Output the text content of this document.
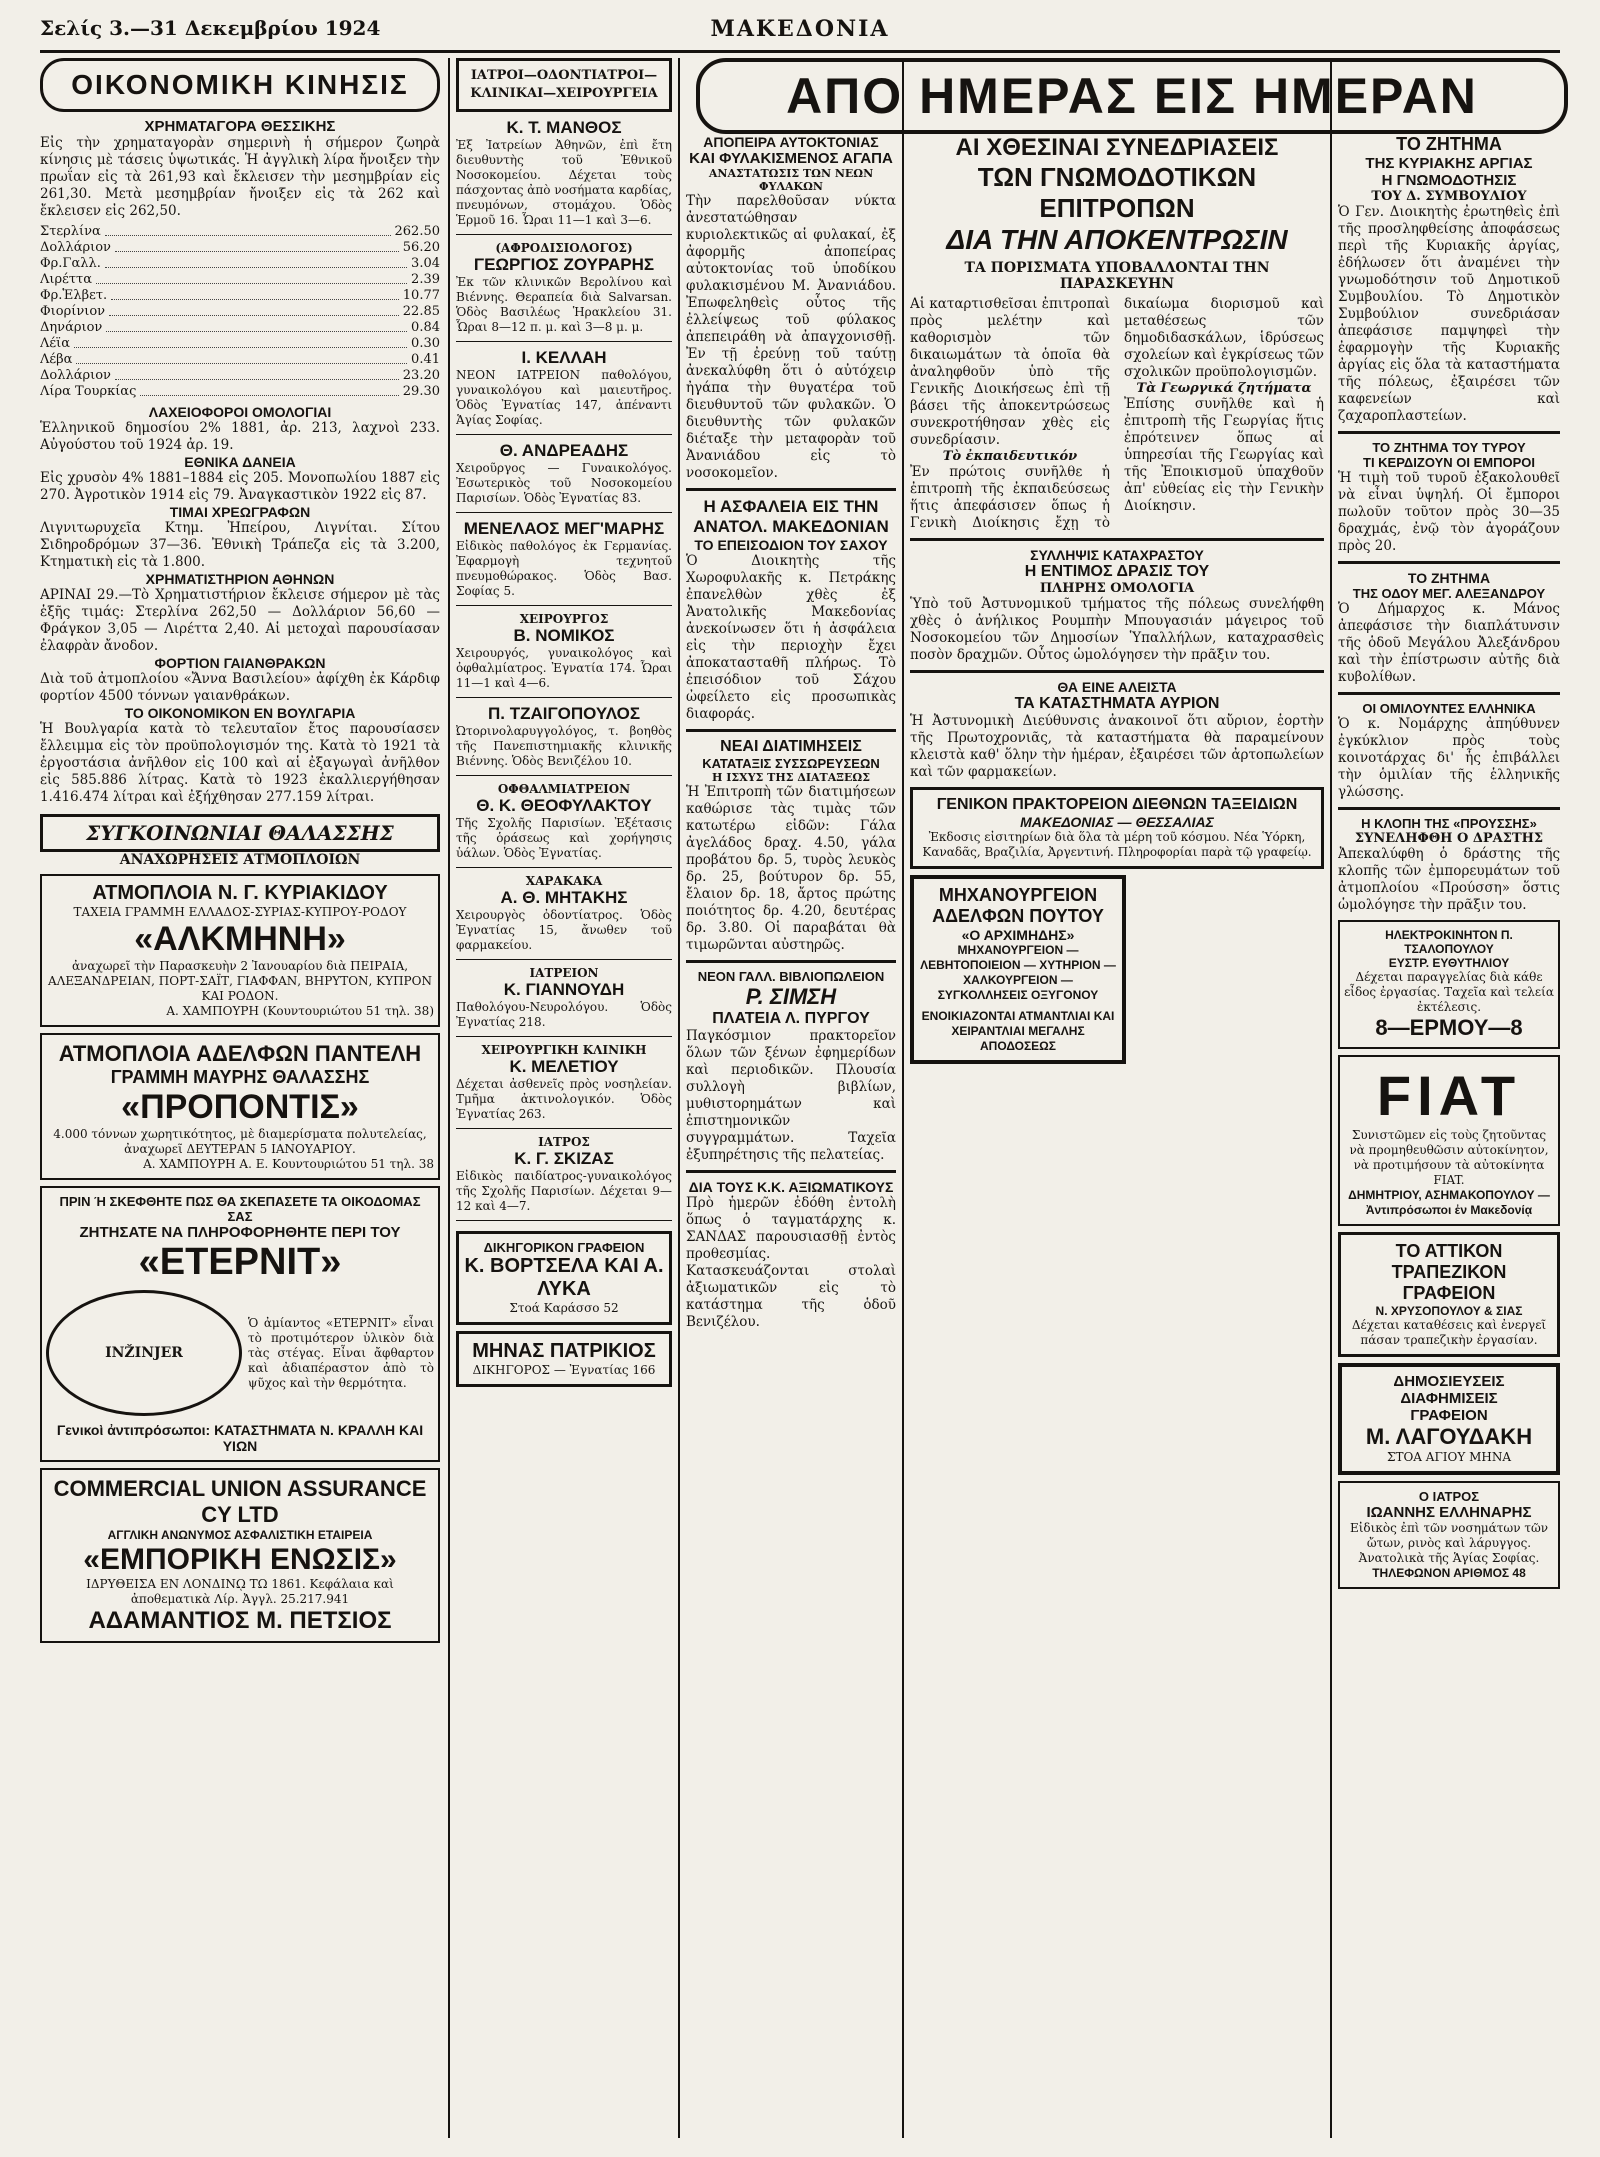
ΜΑΚΕΔΟΝΙΑ
Σελίς 3.—31 Δεκεμβρίου 1924
ΟΙΚΟΝΟΜΙΚΗ ΚΙΝΗΣΙΣ
ΧΡΗΜΑΤΑΓΟΡΑ ΘΕΣΣΙΚΗΣ
Εἰς τὴν χρηματαγορὰν σημερινὴ ἡ σήμερον ζωηρὰ κίνησις μὲ τάσεις ὑψωτικάς. Ἡ ἀγγλικὴ λίρα ἤνοιξεν τὴν πρωΐαν εἰς τὰ 261,93 καὶ ἔκλεισεν τὴν μεσημβρίαν εἰς 261,30. Μετὰ μεσημβρίαν ἤνοιξεν εἰς τὰ 262 καὶ ἔκλεισεν εἰς 262,50.
Στερλίνα	262.50
Δολλάριον	56.20
Φρ.Γαλλ.	3.04
Λιρέττα	2.39
Φρ.Ἑλβετ.	10.77
Φιορίνιον	22.85
Δηνάριον	0.84
Λέϊα	0.30
Λέβα	0.41
Δολλάριον	23.20
Λίρα Τουρκίας	29.30
ΛΑΧΕΙΟΦΟΡΟΙ ΟΜΟΛΟΓΙΑΙ
Ἑλληνικοῦ δημοσίου 2% 1881, ἀρ. 213, λαχνοὶ 233. Αὐγούστου τοῦ 1924 ἀρ. 19.
ΕΘΝΙΚΑ ΔΑΝΕΙΑ
Εἰς χρυσὸν 4% 1881–1884 εἰς 205. Μονοπωλίου 1887 εἰς 270. Ἀγροτικὸν 1914 εἰς 79. Ἀναγκαστικὸν 1922 εἰς 87.
ΤΙΜΑΙ ΧΡΕΩΓΡΑΦΩΝ
Λιγνιτωρυχεῖα Κτημ. Ἠπείρου, Λιγνίται. Σίτου Σιδηροδρόμων 37—36. Ἐθνικὴ Τράπεζα εἰς τὰ 3.200, Κτηματικὴ εἰς τὰ 1.800.
ΧΡΗΜΑΤΙΣΤΗΡΙΟΝ ΑΘΗΝΩΝ
ΑΡΙΝΑΙ 29.—Τὸ Χρηματιστήριον ἔκλεισε σήμερον μὲ τὰς ἑξῆς τιμάς: Στερλίνα 262,50 — Δολλάριον 56,60 — Φράγκον 3,05 — Λιρέττα 2,40. Αἱ μετοχαὶ παρουσίασαν ἐλαφρὰν ἄνοδον.
ΦΟΡΤΙΟΝ ΓΑΙΑΝΘΡΑΚΩΝ
Διὰ τοῦ ἀτμοπλοίου «Ἄννα Βασιλείου» ἀφίχθη ἐκ Κάρδιφ φορτίον 4500 τόννων γαιανθράκων.
ΤΟ ΟΙΚΟΝΟΜΙΚΟΝ ΕΝ ΒΟΥΛΓΑΡΙΑ
Ἡ Βουλγαρία κατὰ τὸ τελευταῖον ἔτος παρουσίασεν ἔλλειμμα εἰς τὸν προϋπολογισμόν της. Κατὰ τὸ 1921 τὰ ἐργοστάσια ἀνῆλθον εἰς 100 καὶ αἱ ἐξαγωγαὶ ἀνῆλθον εἰς 585.886 λίτρας. Κατὰ τὸ 1923 ἐκαλλιεργήθησαν 1.416.474 λίτραι καὶ ἐξήχθησαν 277.159 λίτραι.
ΣΥΓΚΟΙΝΩΝΙΑΙ ΘΑΛΑΣΣΗΣ
ΑΝΑΧΩΡΗΣΕΙΣ ΑΤΜΟΠΛΟΙΩΝ
ΑΤΜΟΠΛΟΙΑ Ν. Γ. ΚΥΡΙΑΚΙΔΟΥ
ΤΑΧΕΙΑ ΓΡΑΜΜΗ ΕΛΛΑΔΟΣ-ΣΥΡΙΑΣ-ΚΥΠΡΟΥ-ΡΟΔΟΥ
«ΑΛΚΜΗΝΗ»
ἀναχωρεῖ τὴν Παρασκευὴν 2 Ἰανουαρίου διὰ ΠΕΙΡΑΙΑ, ΑΛΕΞΑΝΔΡΕΙΑΝ, ΠΟΡΤ-ΣΑΪΤ, ΓΙΑΦΦΑΝ, ΒΗΡΥΤΟΝ, ΚΥΠΡΟΝ ΚΑΙ ΡΟΔΟΝ.
Α. ΧΑΜΠΟΥΡΗ (Κουντουριώτου 51 τηλ. 38)
ΑΤΜΟΠΛΟΙΑ ΑΔΕΛΦΩΝ ΠΑΝΤΕΛΗ
ΓΡΑΜΜΗ ΜΑΥΡΗΣ ΘΑΛΑΣΣΗΣ
«ΠΡΟΠΟΝΤΙΣ»
4.000 τόννων χωρητικότητος, μὲ διαμερίσματα πολυτελείας, ἀναχωρεῖ ΔΕΥΤΕΡΑΝ 5 ΙΑΝΟΥΑΡΙΟΥ.
Α. ΧΑΜΠΟΥΡΗ Α. Ε. Κουντουριώτου 51 τηλ. 38
ΠΡΙΝ Ή ΣΚΕΦΘΗΤΕ ΠΩΣ ΘΑ ΣΚΕΠΑΣΕΤΕ ΤΑ ΟΙΚΟΔΟΜΑΣ ΣΑΣ
ΖΗΤΗΣΑΤΕ ΝΑ ΠΛΗΡΟΦΟΡΗΘΗΤΕ ΠΕΡΙ ΤΟΥ
«ΕΤΕΡΝΙΤ»
INŽINJER
Ὁ ἀμίαντος «ΕΤΕΡΝΙΤ» εἶναι τὸ προτιμότερον ὑλικὸν διὰ τὰς στέγας. Εἶναι ἄφθαρτον καὶ ἀδιαπέραστον ἀπὸ τὸ ψῦχος καὶ τὴν θερμότητα.
Γενικοὶ ἀντιπρόσωποι: ΚΑΤΑΣΤΗΜΑΤΑ Ν. ΚΡΑΛΛΗ ΚΑΙ ΥΙΩΝ
COMMERCIAL UNION ASSURANCE CY LTD
ΑΓΓΛΙΚΗ ΑΝΩΝΥΜΟΣ ΑΣΦΑΛΙΣΤΙΚΗ ΕΤΑΙΡΕΙΑ
«ΕΜΠΟΡΙΚΗ ΕΝΩΣΙΣ»
ΙΔΡΥΘΕΙΣΑ ΕΝ ΛΟΝΔΙΝῼ ΤΩ 1861. Κεφάλαια καὶ ἀποθεματικὰ Λίρ. Ἀγγλ. 25.217.941
ΑΔΑΜΑΝΤΙΟΣ Μ. ΠΕΤΣΙΟΣ
ΙΑΤΡΟΙ—ΟΔΟΝΤΙΑΤΡΟΙ—ΚΛΙΝΙΚΑΙ—ΧΕΙΡΟΥΡΓΕΙΑ
Κ. Τ. ΜΑΝΘΟΣ
Ἐξ Ἰατρείων Ἀθηνῶν, ἐπὶ ἔτη διευθυντὴς τοῦ Ἐθνικοῦ Νοσοκομείου. Δέχεται τοὺς πάσχοντας ἀπὸ νοσήματα καρδίας, πνευμόνων, στομάχου. Ὁδὸς Ἑρμοῦ 16. Ὧραι 11—1 καὶ 3—6.
(ΑΦΡΟΔΙΣΙΟΛΟΓΟΣ)
ΓΕΩΡΓΙΟΣ ΖΟΥΡΑΡΗΣ
Ἐκ τῶν κλινικῶν Βερολίνου καὶ Βιέννης. Θεραπεία διὰ Salvarsan. Ὁδὸς Βασιλέως Ἡρακλείου 31. Ὧραι 8—12 π. μ. καὶ 3—8 μ. μ.
Ι. ΚΕΛΛΑΗ
ΝΕΟΝ ΙΑΤΡΕΙΟΝ παθολόγου, γυναικολόγου καὶ μαιευτῆρος. Ὁδὸς Ἐγνατίας 147, ἀπέναντι Ἁγίας Σοφίας.
Θ. ΑΝΔΡΕΑΔΗΣ
Χειροῦργος — Γυναικολόγος. Ἐσωτερικὸς τοῦ Νοσοκομείου Παρισίων. Ὁδὸς Ἐγνατίας 83.
ΜΕΝΕΛΑΟΣ ΜΕΓ'ΜΑΡΗΣ
Εἰδικὸς παθολόγος ἐκ Γερμανίας. Ἐφαρμογὴ τεχνητοῦ πνευμοθώρακος. Ὁδὸς Βασ. Σοφίας 5.
ΧΕΙΡΟΥΡΓΟΣ
Β. ΝΟΜΙΚΟΣ
Χειρουργός, γυναικολόγος καὶ ὀφθαλμίατρος. Ἐγνατία 174. Ὧραι 11—1 καὶ 4—6.
Π. ΤΖΑΙΓΟΠΟΥΛΟΣ
Ὠτορινολαρυγγολόγος, τ. βοηθὸς τῆς Πανεπιστημιακῆς κλινικῆς Βιέννης. Ὁδὸς Βενιζέλου 10.
ΟΦΘΑΛΜΙΑΤΡΕΙΟΝ
Θ. Κ. ΘΕΟΦΥΛΑΚΤΟΥ
Τῆς Σχολῆς Παρισίων. Ἐξέτασις τῆς ὁράσεως καὶ χορήγησις ὑάλων. Ὁδὸς Ἐγνατίας.
ΧΑΡΑΚΑΚΑ
Α. Θ. ΜΗΤΑΚΗΣ
Χειρουργὸς ὀδοντίατρος. Ὁδὸς Ἐγνατίας 15, ἄνωθεν τοῦ φαρμακείου.
ΙΑΤΡΕΙΟΝ
Κ. ΓΙΑΝΝΟΥΔΗ
Παθολόγου-Νευρολόγου. Ὁδὸς Ἐγνατίας 218.
ΧΕΙΡΟΥΡΓΙΚΗ ΚΛΙΝΙΚΗ
Κ. ΜΕΛΕΤΙΟΥ
Δέχεται ἀσθενεῖς πρὸς νοσηλείαν. Τμῆμα ἀκτινολογικόν. Ὁδὸς Ἐγνατίας 263.
ΙΑΤΡΟΣ
Κ. Γ. ΣΚΙΖΑΣ
Εἰδικὸς παιδίατρος-γυναικολόγος τῆς Σχολῆς Παρισίων. Δέχεται 9—12 καὶ 4—7.
ΔΙΚΗΓΟΡΙΚΟΝ ΓΡΑΦΕΙΟΝ
Κ. ΒΟΡΤΣΕΛΑ ΚΑΙ Α. ΛΥΚΑ
Στοά Καράσσο 52
ΜΗΝΑΣ ΠΑΤΡΙΚΙΟΣ
ΔΙΚΗΓΟΡΟΣ — Ἐγνατίας 166
ΑΠΟ ΗΜΕΡΑΣ ΕΙΣ ΗΜΕΡΑΝ
ΑΠΟΠΕΙΡΑ ΑΥΤΟΚΤΟΝΙΑΣ
ΚΑΙ ΦΥΛΑΚΙΣΜΕΝΟΣ ΑΓΑΠΑ
ΑΝΑΣΤΑΤΩΣΙΣ ΤΩΝ ΝΕΩΝ ΦΥΛΑΚΩΝ
Τὴν παρελθοῦσαν νύκτα ἀνεστατώθησαν κυριολεκτικῶς αἱ φυλακαί, ἐξ ἀφορμῆς ἀποπείρας αὐτοκτονίας τοῦ ὑποδίκου φυλακισμένου Μ. Ἀνανιάδου. Ἐπωφεληθεὶς οὗτος τῆς ἐλλείψεως τοῦ φύλακος ἀπεπειράθη νὰ ἀπαγχονισθῇ. Ἐν τῇ ἐρεύνῃ τοῦ ταύτῃ ἀνεκαλύφθη ὅτι ὁ αὐτόχειρ ἠγάπα τὴν θυγατέρα τοῦ διευθυντοῦ τῶν φυλακῶν. Ὁ διευθυντὴς τῶν φυλακῶν διέταξε τὴν μεταφορὰν τοῦ Ἀνανιάδου εἰς τὸ νοσοκομεῖον.
Η ΑΣΦΑΛΕΙΑ ΕΙΣ ΤΗΝ ΑΝΑΤΟΛ. ΜΑΚΕΔΟΝΙΑΝ
ΤΟ ΕΠΕΙΣΟΔΙΟΝ ΤΟΥ ΣΑΧΟΥ
Ὁ Διοικητὴς τῆς Χωροφυλακῆς κ. Πετράκης ἐπανελθὼν χθὲς ἐξ Ἀνατολικῆς Μακεδονίας ἀνεκοίνωσεν ὅτι ἡ ἀσφάλεια εἰς τὴν περιοχὴν ἔχει ἀποκατασταθῆ πλήρως. Τὸ ἐπεισόδιον τοῦ Σάχου ὠφείλετο εἰς προσωπικὰς διαφοράς.
ΝΕΑΙ ΔΙΑΤΙΜΗΣΕΙΣ
ΚΑΤΑΤΑΞΙΣ ΣΥΣΣΩΡΕΥΣΕΩΝ
Η ΙΣΧΥΣ ΤΗΣ ΔΙΑΤΑΞΕΩΣ
Ἡ Ἐπιτροπὴ τῶν διατιμήσεων καθώρισε τὰς τιμὰς τῶν κατωτέρω εἰδῶν: Γάλα ἀγελάδος δραχ. 4.50, γάλα προβάτου δρ. 5, τυρὸς λευκὸς δρ. 25, βούτυρον δρ. 55, ἔλαιον δρ. 18, ἄρτος πρώτης ποιότητος δρ. 4.20, δευτέρας δρ. 3.80. Οἱ παραβάται θὰ τιμωρῶνται αὐστηρῶς.
ΝΕΟΝ ΓΑΛΛ. ΒΙΒΛΙΟΠΩΛΕΙΟΝ
Ρ. ΣΙΜΣΗ
ΠΛΑΤΕΙΑ Λ. ΠΥΡΓΟΥ
Παγκόσμιον πρακτορεῖον ὅλων τῶν ξένων ἐφημερίδων καὶ περιοδικῶν. Πλουσία συλλογὴ βιβλίων, μυθιστορημάτων καὶ ἐπιστημονικῶν συγγραμμάτων. Ταχεῖα ἐξυπηρέτησις τῆς πελατείας.
ΔΙΑ ΤΟΥΣ Κ.Κ. ΑΞΙΩΜΑΤΙΚΟΥΣ
Πρὸ ἡμερῶν ἐδόθη ἐντολὴ ὅπως ὁ ταγματάρχης κ. ΣΑΝΔΑΣ παρουσιασθῇ ἐντὸς προθεσμίας. Κατασκευάζονται στολαὶ ἀξιωματικῶν εἰς τὸ κατάστημα τῆς ὁδοῦ Βενιζέλου.
ΑΙ ΧΘΕΣΙΝΑΙ ΣΥΝΕΔΡΙΑΣΕΙΣ
ΤΩΝ ΓΝΩΜΟΔΟΤΙΚΩΝ ΕΠΙΤΡΟΠΩΝ
ΔΙΑ ΤΗΝ ΑΠΟΚΕΝΤΡΩΣΙΝ
ΤΑ ΠΟΡΙΣΜΑΤΑ ΥΠΟΒΑΛΛΟΝΤΑΙ ΤΗΝ ΠΑΡΑΣΚΕΥΗΝ
Αἱ καταρτισθεῖσαι ἐπιτροπαὶ πρὸς μελέτην καὶ καθορισμὸν τῶν δικαιωμάτων τὰ ὁποῖα θὰ ἀναληφθοῦν ὑπὸ τῆς Γενικῆς Διοικήσεως ἐπὶ τῇ βάσει τῆς ἀποκεντρώσεως συνεκροτήθησαν χθὲς εἰς συνεδρίασιν.
Τὸ ἐκπαιδευτικόν
Ἐν πρώτοις συνῆλθε ἡ ἐπιτροπὴ τῆς ἐκπαιδεύσεως ἥτις ἀπεφάσισεν ὅπως ἡ Γενικὴ Διοίκησις ἔχῃ τὸ δικαίωμα διορισμοῦ καὶ μεταθέσεως τῶν δημοδιδασκάλων, ἱδρύσεως σχολείων καὶ ἐγκρίσεως τῶν σχολικῶν προϋπολογισμῶν.
Τὰ Γεωργικά ζητήματα
Ἐπίσης συνῆλθε καὶ ἡ ἐπιτροπὴ τῆς Γεωργίας ἥτις ἐπρότεινεν ὅπως αἱ ὑπηρεσίαι τῆς Γεωργίας καὶ τῆς Ἐποικισμοῦ ὑπαχθοῦν ἀπ' εὐθείας εἰς τὴν Γενικὴν Διοίκησιν.
ΣΥΛΛΗΨΙΣ ΚΑΤΑΧΡΑΣΤΟΥ
Η ΕΝΤΙΜΟΣ ΔΡΑΣΙΣ ΤΟΥ
ΠΛΗΡΗΣ ΟΜΟΛΟΓΙΑ
Ὑπὸ τοῦ Ἀστυνομικοῦ τμήματος τῆς πόλεως συνελήφθη χθὲς ὁ ἀνήλικος Ρουμπὴν Μπουγασιάν μάγειρος τοῦ Νοσοκομείου τῶν Δημοσίων Ὑπαλλήλων, καταχρασθεὶς ποσὸν δραχμῶν. Οὗτος ὡμολόγησεν τὴν πρᾶξιν του.
ΘΑ ΕΙΝΕ ΑΛΕΙΣΤΑ
ΤΑ ΚΑΤΑΣΤΗΜΑΤΑ ΑΥΡΙΟΝ
Ἡ Ἀστυνομικὴ Διεύθυνσις ἀνακοινοῖ ὅτι αὔριον, ἑορτὴν τῆς Πρωτοχρονιᾶς, τὰ καταστήματα θὰ παραμείνουν κλειστὰ καθ' ὅλην τὴν ἡμέραν, ἐξαιρέσει τῶν ἀρτοπωλείων καὶ τῶν φαρμακείων.
ΓΕΝΙΚΟΝ ΠΡΑΚΤΟΡΕΙΟΝ ΔΙΕΘΝΩΝ ΤΑΞΕΙΔΙΩΝ
ΜΑΚΕΔΟΝΙΑΣ — ΘΕΣΣΑΛΙΑΣ
Ἐκδοσις εἰσιτηρίων διὰ ὅλα τὰ μέρη τοῦ κόσμου. Νέα Ὑόρκη, Καναδᾶς, Βραζιλία, Ἀργεντινή. Πληροφορίαι παρὰ τῷ γραφείῳ.
ΜΗΧΑΝΟΥΡΓΕΙΟΝ ΑΔΕΛΦΩΝ ΠΟΥΤΟΥ
«Ο ΑΡΧΙΜΗΔΗΣ»
ΜΗΧΑΝΟΥΡΓΕΙΟΝ — ΛΕΒΗΤΟΠΟΙΕΙΟΝ — ΧΥΤΗΡΙΟΝ — ΧΑΛΚΟΥΡΓΕΙΟΝ — ΣΥΓΚΟΛΛΗΣΕΙΣ ΟΞΥΓΟΝΟΥ
ΕΝΟΙΚΙΑΖΟΝΤΑΙ ΑΤΜΑΝΤΛΙΑΙ ΚΑΙ ΧΕΙΡΑΝΤΛΙΑΙ ΜΕΓΑΛΗΣ ΑΠΟΔΟΣΕΩΣ
ΤΟ ΖΗΤΗΜΑ
ΤΗΣ ΚΥΡΙΑΚΗΣ ΑΡΓΙΑΣ
Η ΓΝΩΜΟΔΟΤΗΣΙΣ
ΤΟΥ Δ. ΣΥΜΒΟΥΛΙΟΥ
Ὁ Γεν. Διοικητὴς ἐρωτηθεὶς ἐπὶ τῆς προσληφθείσης ἀποφάσεως περὶ τῆς Κυριακῆς ἀργίας, ἐδήλωσεν ὅτι ἀναμένει τὴν γνωμοδότησιν τοῦ Δημοτικοῦ Συμβουλίου. Τὸ Δημοτικὸν Συμβούλιον συνεδριάσαν ἀπεφάσισε παμψηφεὶ τὴν ἐφαρμογὴν τῆς Κυριακῆς ἀργίας εἰς ὅλα τὰ καταστήματα τῆς πόλεως, ἐξαιρέσει τῶν καφενείων καὶ ζαχαροπλαστείων.
ΤΟ ΖΗΤΗΜΑ ΤΟΥ ΤΥΡΟΥ
ΤΙ ΚΕΡΔΙΖΟΥΝ ΟΙ ΕΜΠΟΡΟΙ
Ἡ τιμὴ τοῦ τυροῦ ἐξακολουθεῖ νὰ εἶναι ὑψηλή. Οἱ ἔμποροι πωλοῦν τοῦτον πρὸς 30—35 δραχμάς, ἐνῷ τὸν ἀγοράζουν πρὸς 20.
ΤΟ ΖΗΤΗΜΑ
ΤΗΣ ΟΔΟΥ ΜΕΓ. ΑΛΕΞΑΝΔΡΟΥ
Ὁ Δήμαρχος κ. Μάνος ἀπεφάσισε τὴν διαπλάτυνσιν τῆς ὁδοῦ Μεγάλου Ἀλεξάνδρου καὶ τὴν ἐπίστρωσιν αὐτῆς διὰ κυβολίθων.
ΟΙ ΟΜΙΛΟΥΝΤΕΣ ΕΛΛΗΝΙΚΑ
Ὁ κ. Νομάρχης ἀπηύθυνεν ἐγκύκλιον πρὸς τοὺς κοινοτάρχας δι' ἧς ἐπιβάλλει τὴν ὁμιλίαν τῆς ἑλληνικῆς γλώσσης.
Η ΚΛΟΠΗ ΤΗΣ «ΠΡΟΥΣΣΗΣ»
ΣΥΝΕΛΗΦΘΗ Ο ΔΡΑΣΤΗΣ
Ἀπεκαλύφθη ὁ δράστης τῆς κλοπῆς τῶν ἐμπορευμάτων τοῦ ἀτμοπλοίου «Προύσση» ὅστις ὡμολόγησε τὴν πρᾶξιν του.
ΗΛΕΚΤΡΟΚΙΝΗΤΟΝ Π. ΤΣΑΛΟΠΟΥΛΟΥ
ΕΥΣΤΡ. ΕΥΘΥΤΗΛΙΟΥ
Δέχεται παραγγελίας διὰ κάθε εἶδος ἐργασίας. Ταχεῖα καὶ τελεία ἐκτέλεσις.
8—ΕΡΜΟΥ—8
FIAT
Συνιστῶμεν εἰς τοὺς ζητοῦντας νὰ προμηθευθῶσιν αὐτοκίνητον, νὰ προτιμήσουν τὰ αὐτοκίνητα FIAT.
ΔΗΜΗΤΡΙΟΥ, ΑΣΗΜΑΚΟΠΟΥΛΟΥ — Ἀντιπρόσωποι ἐν Μακεδονίᾳ
ΤΟ ΑΤΤΙΚΟΝ ΤΡΑΠΕΖΙΚΟΝ ΓΡΑΦΕΙΟΝ
Ν. ΧΡΥΣΟΠΟΥΛΟΥ & ΣΙΑΣ
Δέχεται καταθέσεις καὶ ἐνεργεῖ πάσαν τραπεζικὴν ἐργασίαν.
ΔΗΜΟΣΙΕΥΣΕΙΣ ΔΙΑΦΗΜΙΣΕΙΣ
ΓΡΑΦΕΙΟΝ
Μ. ΛΑΓΟΥΔΑΚΗ
ΣΤΟΑ ΑΓΙΟΥ ΜΗΝΑ
Ο ΙΑΤΡΟΣ
ΙΩΑΝΝΗΣ ΕΛΛΗΝΑΡΗΣ
Εἰδικὸς ἐπὶ τῶν νοσημάτων τῶν ὤτων, ρινὸς καὶ λάρυγγος. Ἀνατολικὰ τῆς Ἁγίας Σοφίας.
ΤΗΛΕΦΩΝΟΝ ΑΡΙΘΜΟΣ 48
